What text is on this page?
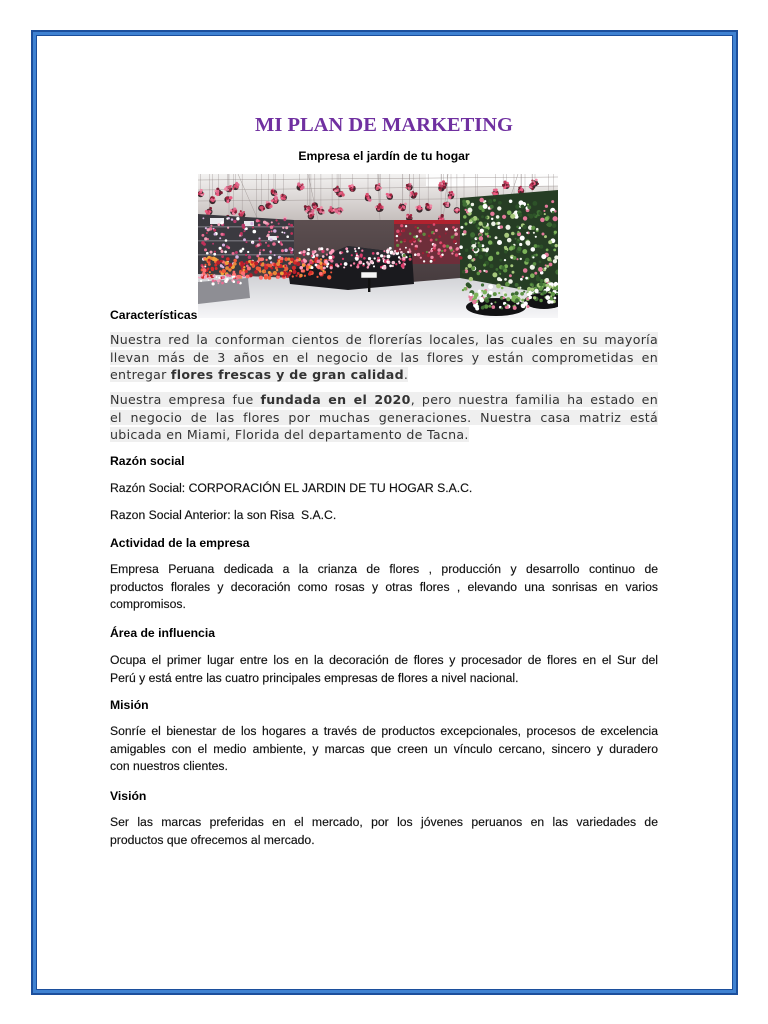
MI PLAN DE MARKETING
Empresa el jardín de tu hogar
Características
Nuestra red la conforman cientos de florerías locales, las cuales en su mayoría
llevan más de 3 años en el negocio de las flores y están comprometidas en
entregar flores frescas y de gran calidad.
Nuestra empresa fue fundada en el 2020, pero nuestra familia ha estado en
el negocio de las flores por muchas generaciones. Nuestra casa matriz está
ubicada en Miami, Florida del departamento de Tacna.
Razón social
Razón Social: CORPORACIÓN EL JARDIN DE TU HOGAR S.A.C.
Razon Social Anterior: la son Risa  S.A.C.
Actividad de la empresa
Empresa Peruana dedicada a la crianza de flores , producción y desarrollo continuo de
productos florales y decoración como rosas y otras flores , elevando una sonrisas en varios
compromisos.
Área de influencia
Ocupa el primer lugar entre los en la decoración de flores y procesador de flores en el Sur del
Perú y está entre las cuatro principales empresas de flores a nivel nacional.
Misión
Sonríe el bienestar de los hogares a través de productos excepcionales, procesos de excelencia
amigables con el medio ambiente, y marcas que creen un vínculo cercano, sincero y duradero
con nuestros clientes.
Visión
Ser las marcas preferidas en el mercado, por los jóvenes peruanos en las variedades de
productos que ofrecemos al mercado.
